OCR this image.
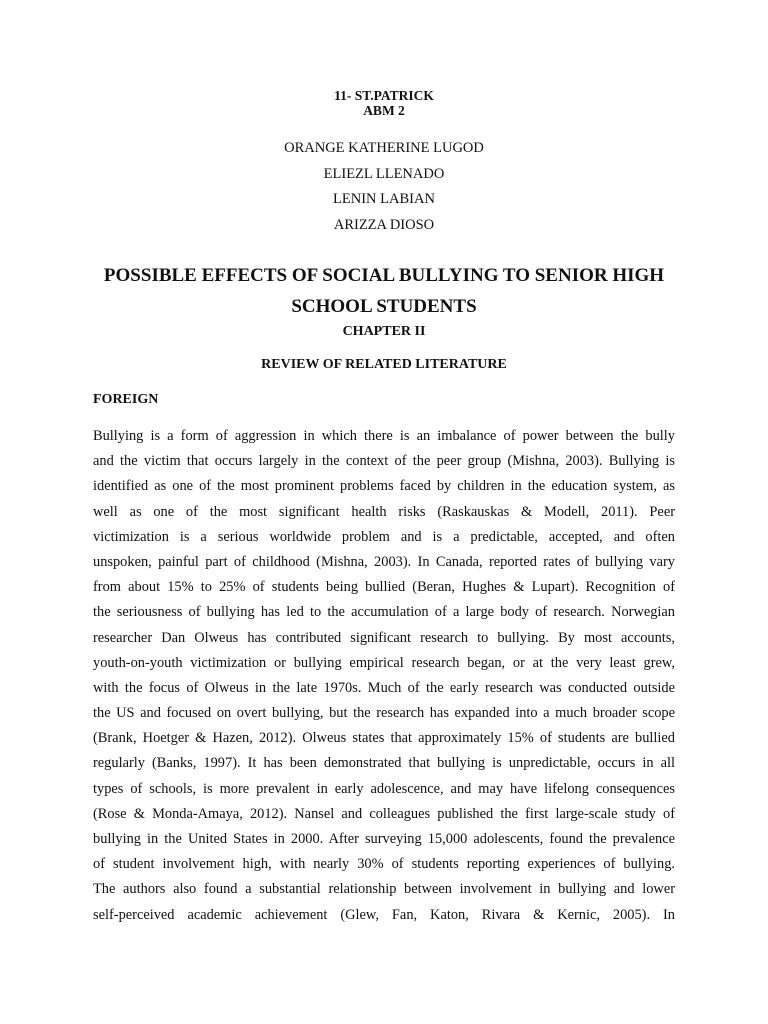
11- ST.PATRICK
ABM 2
ORANGE KATHERINE LUGOD
ELIEZL LLENADO
LENIN LABIAN
ARIZZA DIOSO
POSSIBLE EFFECTS OF SOCIAL BULLYING TO SENIOR HIGH
SCHOOL STUDENTS
CHAPTER II
REVIEW OF RELATED LITERATURE
FOREIGN
Bullying is a form of aggression in which there is an imbalance of power between the bully
and the victim that occurs largely in the context of the peer group (Mishna, 2003). Bullying is
identified as one of the most prominent problems faced by children in the education system, as
well as one of the most significant health risks (Raskauskas & Modell, 2011). Peer
victimization is a serious worldwide problem and is a predictable, accepted, and often
unspoken, painful part of childhood (Mishna, 2003). In Canada, reported rates of bullying vary
from about 15% to 25% of students being bullied (Beran, Hughes & Lupart). Recognition of
the seriousness of bullying has led to the accumulation of a large body of research. Norwegian
researcher Dan Olweus has contributed significant research to bullying. By most accounts,
youth-on-youth victimization or bullying empirical research began, or at the very least grew,
with the focus of Olweus in the late 1970s. Much of the early research was conducted outside
the US and focused on overt bullying, but the research has expanded into a much broader scope
(Brank, Hoetger & Hazen, 2012). Olweus states that approximately 15% of students are bullied
regularly (Banks, 1997). It has been demonstrated that bullying is unpredictable, occurs in all
types of schools, is more prevalent in early adolescence, and may have lifelong consequences
(Rose & Monda-Amaya, 2012). Nansel and colleagues published the first large-scale study of
bullying in the United States in 2000. After surveying 15,000 adolescents, found the prevalence
of student involvement high, with nearly 30% of students reporting experiences of bullying.
The authors also found a substantial relationship between involvement in bullying and lower
self-perceived academic achievement (Glew, Fan, Katon, Rivara & Kernic, 2005). In
